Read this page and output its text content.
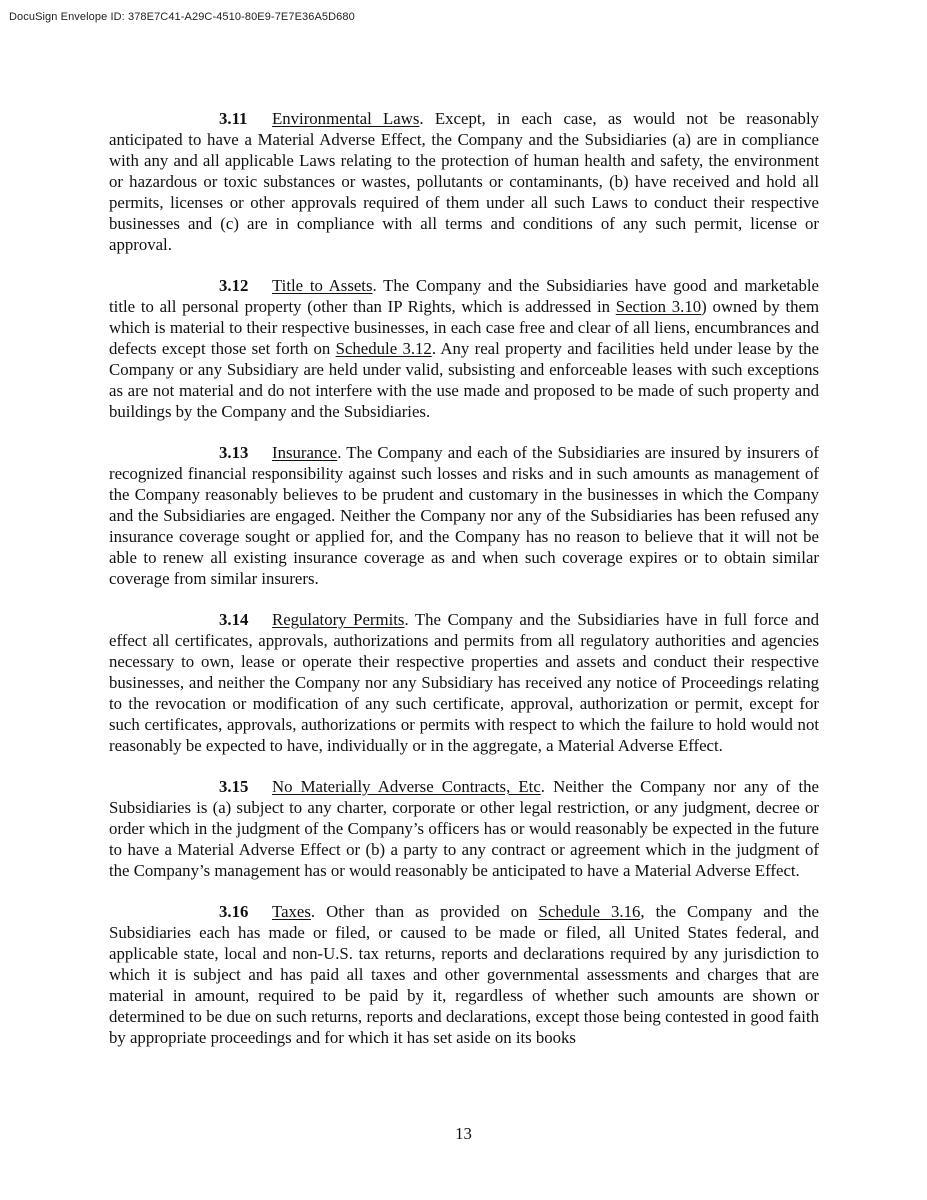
DocuSign Envelope ID: 378E7C41-A29C-4510-80E9-7E7E36A5D680

3.11 Environmental Laws. Except, in each case, as would not be reasonably anticipated to have a Material Adverse Effect, the Company and the Subsidiaries (a) are in compliance with any and all applicable Laws relating to the protection of human health and safety, the environment or hazardous or toxic substances or wastes, pollutants or contaminants, (b) have received and hold all permits, licenses or other approvals required of them under all such Laws to conduct their respective businesses and (c) are in compliance with all terms and conditions of any such permit, license or approval.

3.12 Title to Assets. The Company and the Subsidiaries have good and marketable title to all personal property (other than IP Rights, which is addressed in Section 3.10) owned by them which is material to their respective businesses, in each case free and clear of all liens, encumbrances and defects except those set forth on Schedule 3.12. Any real property and facilities held under lease by the Company or any Subsidiary are held under valid, subsisting and enforceable leases with such exceptions as are not material and do not interfere with the use made and proposed to be made of such property and buildings by the Company and the Subsidiaries.

3.13 Insurance. The Company and each of the Subsidiaries are insured by insurers of recognized financial responsibility against such losses and risks and in such amounts as management of the Company reasonably believes to be prudent and customary in the businesses in which the Company and the Subsidiaries are engaged. Neither the Company nor any of the Subsidiaries has been refused any insurance coverage sought or applied for, and the Company has no reason to believe that it will not be able to renew all existing insurance coverage as and when such coverage expires or to obtain similar coverage from similar insurers.

3.14 Regulatory Permits. The Company and the Subsidiaries have in full force and effect all certificates, approvals, authorizations and permits from all regulatory authorities and agencies necessary to own, lease or operate their respective properties and assets and conduct their respective businesses, and neither the Company nor any Subsidiary has received any notice of Proceedings relating to the revocation or modification of any such certificate, approval, authorization or permit, except for such certificates, approvals, authorizations or permits with respect to which the failure to hold would not reasonably be expected to have, individually or in the aggregate, a Material Adverse Effect.

3.15 No Materially Adverse Contracts, Etc. Neither the Company nor any of the Subsidiaries is (a) subject to any charter, corporate or other legal restriction, or any judgment, decree or order which in the judgment of the Company’s officers has or would reasonably be expected in the future to have a Material Adverse Effect or (b) a party to any contract or agreement which in the judgment of the Company’s management has or would reasonably be anticipated to have a Material Adverse Effect.

3.16 Taxes. Other than as provided on Schedule 3.16, the Company and the Subsidiaries each has made or filed, or caused to be made or filed, all United States federal, and applicable state, local and non-U.S. tax returns, reports and declarations required by any jurisdiction to which it is subject and has paid all taxes and other governmental assessments and charges that are material in amount, required to be paid by it, regardless of whether such amounts are shown or determined to be due on such returns, reports and declarations, except those being contested in good faith by appropriate proceedings and for which it has set aside on its books

13
